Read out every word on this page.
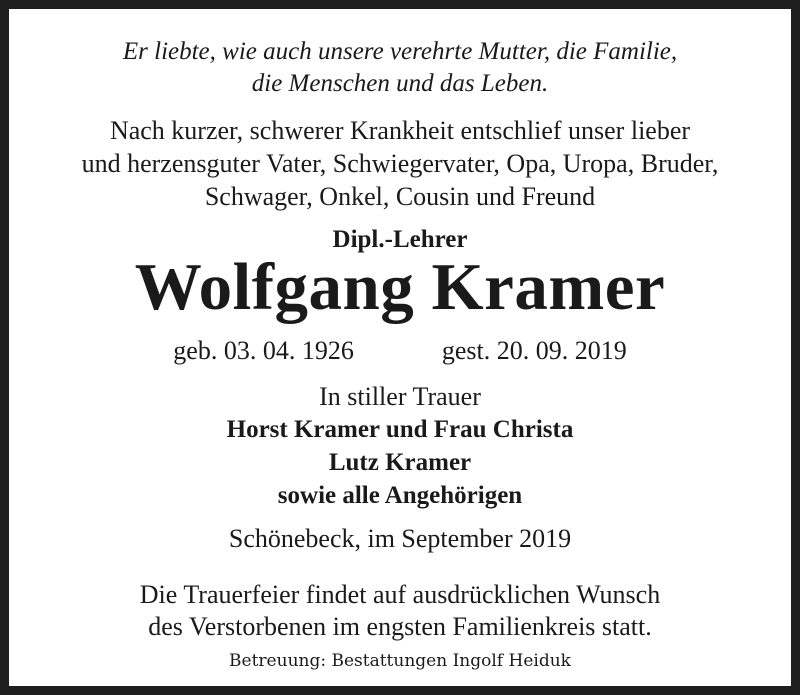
Er liebte, wie auch unsere verehrte Mutter, die Familie,
die Menschen und das Leben.
Nach kurzer, schwerer Krankheit entschlief unser lieber
und herzensguter Vater, Schwiegervater, Opa, Uropa, Bruder,
Schwager, Onkel, Cousin und Freund
Dipl.-Lehrer
Wolfgang Kramer
geb. 03. 04. 1926	gest. 20. 09. 2019
In stiller Trauer
Horst Kramer und Frau Christa
Lutz Kramer
sowie alle Angehörigen
Schönebeck, im September 2019
Die Trauerfeier findet auf ausdrücklichen Wunsch
des Verstorbenen im engsten Familienkreis statt.
Betreuung: Bestattungen Ingolf Heiduk
